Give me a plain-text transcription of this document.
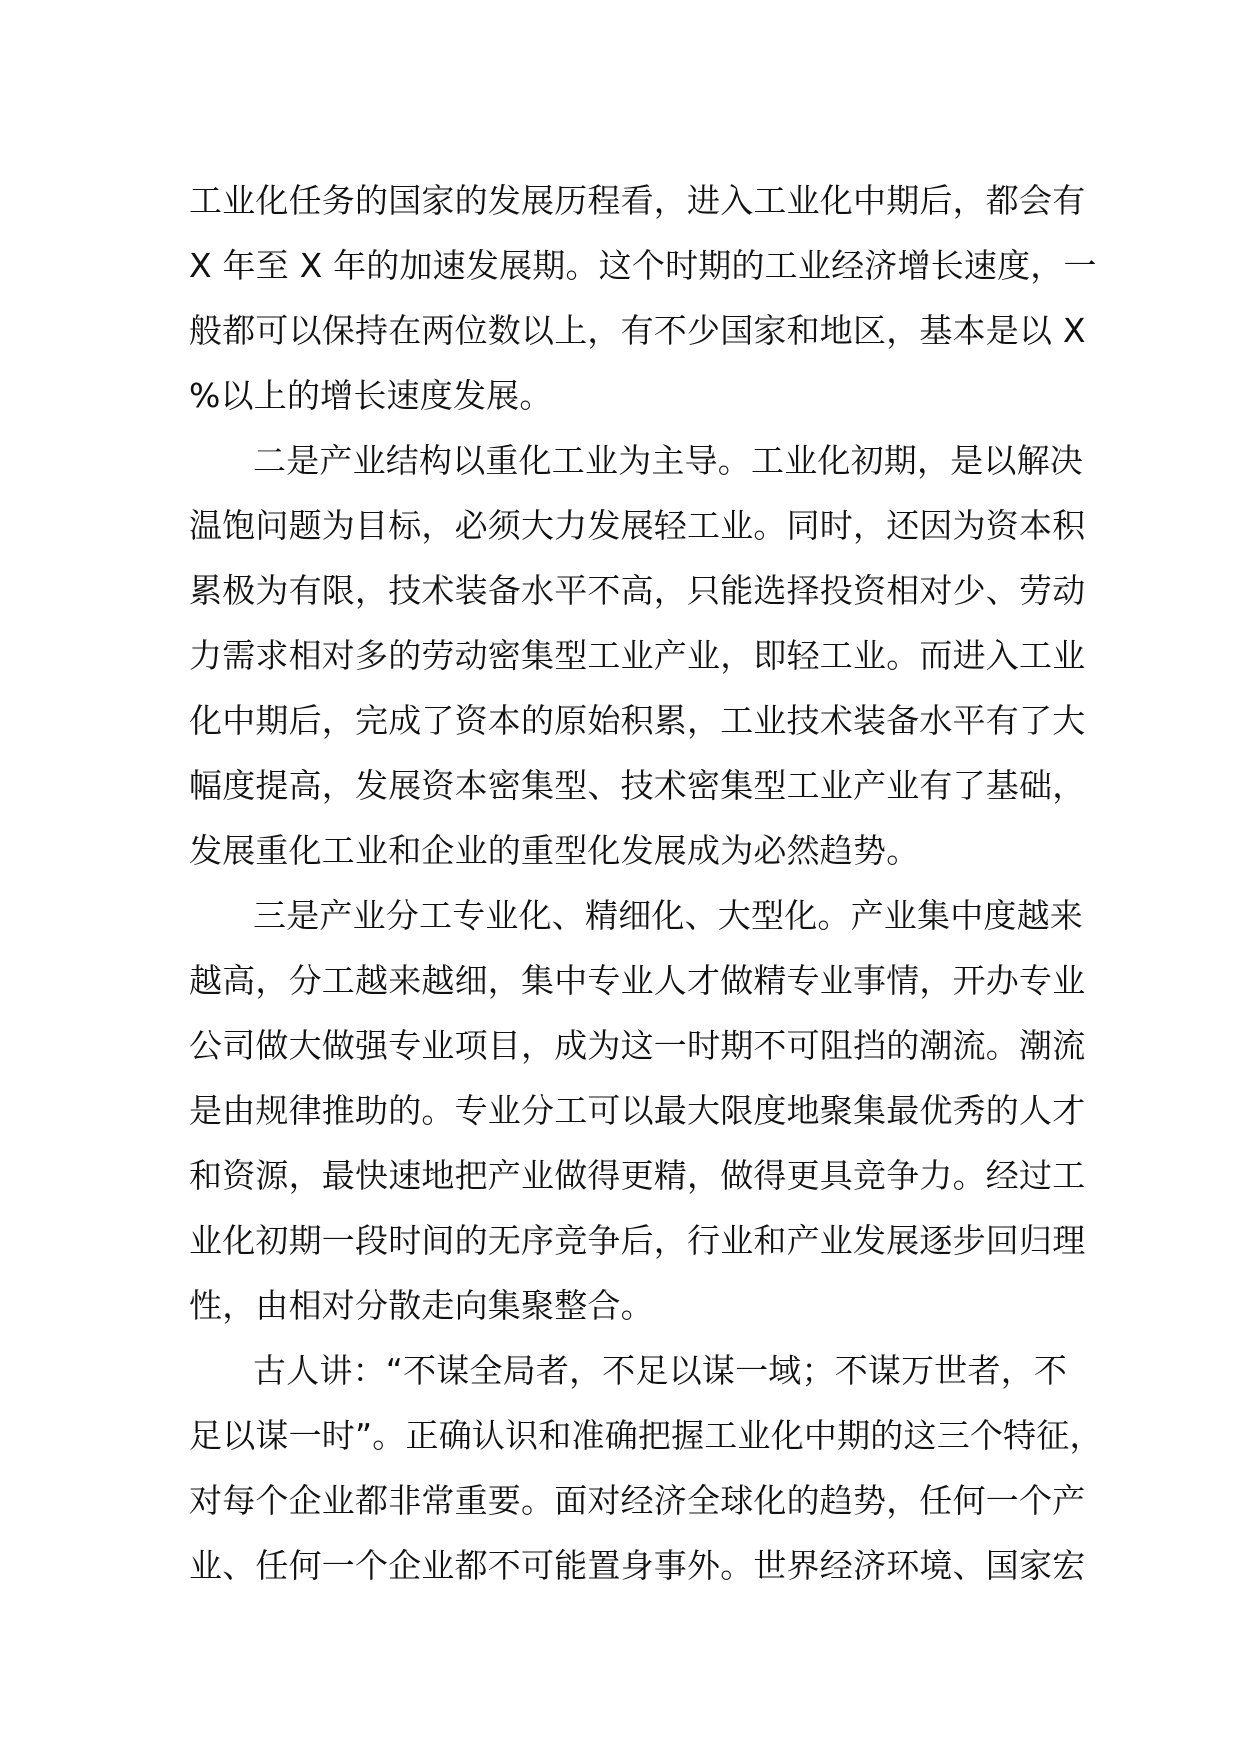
工业化任务的国家的发展历程看，进入工业化中期后，都会有
X 年至 X 年的加速发展期。这个时期的工业经济增长速度，一
般都可以保持在两位数以上，有不少国家和地区，基本是以 X
%以上的增长速度发展。
二是产业结构以重化工业为主导。工业化初期，是以解决
温饱问题为目标，必须大力发展轻工业。同时，还因为资本积
累极为有限，技术装备水平不高，只能选择投资相对少、劳动
力需求相对多的劳动密集型工业产业，即轻工业。而进入工业
化中期后，完成了资本的原始积累，工业技术装备水平有了大
幅度提高，发展资本密集型、技术密集型工业产业有了基础，
发展重化工业和企业的重型化发展成为必然趋势。
三是产业分工专业化、精细化、大型化。产业集中度越来
越高，分工越来越细，集中专业人才做精专业事情，开办专业
公司做大做强专业项目，成为这一时期不可阻挡的潮流。潮流
是由规律推助的。专业分工可以最大限度地聚集最优秀的人才
和资源，最快速地把产业做得更精，做得更具竞争力。经过工
业化初期一段时间的无序竞争后，行业和产业发展逐步回归理
性，由相对分散走向集聚整合。
古人讲：“不谋全局者，不足以谋一域；不谋万世者，不
足以谋一时”。正确认识和准确把握工业化中期的这三个特征，
对每个企业都非常重要。面对经济全球化的趋势，任何一个产
业、任何一个企业都不可能置身事外。世界经济环境、国家宏
